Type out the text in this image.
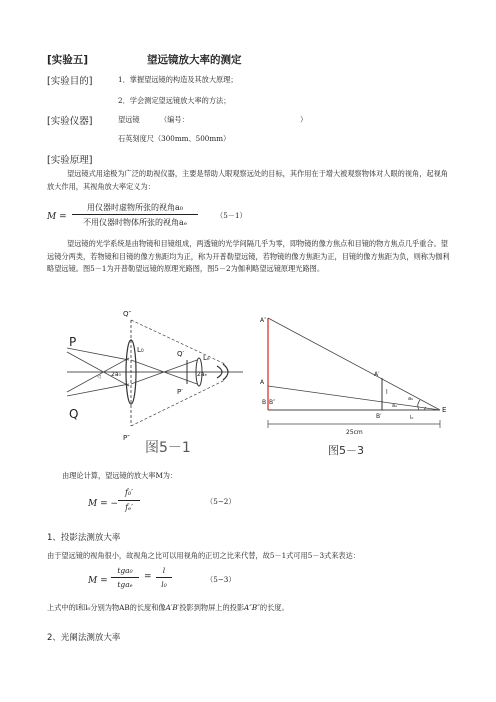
[实验五]	望远镜放大率的测定
[实验目的]	1．掌握望远镜的构造及其放大原理；
2．学会测定望远镜放大率的方法；
[实验仪器]	望远镜	（编号：	）
石英刻度尺（300mm、500mm）
[实验原理]
望远镜式用途极为广泛的助视仪器，主要是帮助人眼观察远处的目标，其作用在于增大被观察物体对人眼的视角，起视角放大作用，其视角放大率定义为：
M =
用仪器时虚物所张的视角a₀
不用仪器时物体所张的视角aₑ
（5－1）
望远镜的光学系统是由物镜和目镜组成，两透镜的光学间隔几乎为零，即物镜的像方焦点和目镜的物方焦点几乎重合。望远镜分两类，若物镜和目镜的像方焦距均为正，称为开普勒望远镜，若物镜的像方焦距为正，目镜的像方焦距为负，则称为伽利略望远镜。图5－1为开普勒望远镜的原理光路图，图5－2为伽利略望远镜原理光路图。
◁
Q″
P
Q
P″
L₀	Q′
P′
Lₑ
2a₀	2aₑ
图5－1
A″
A
A′
B B″
B′
E
a₀
aₑ
l
l₀
25cm
图5－3
由理论计算，望远镜的放大率M为：
M = −
f₀′
fₑ′
（5−2）
1、投影法测放大率
由于望远镜的视角很小，故视角之比可以用视角的正切之比来代替，故5－1式可用5－3式来表达：
M =
tga₀
tgaₑ
=
l
l₀
（5−3）
上式中的l和l₀分别为物AB的长度和像A′B′投影到物屏上的投影A″B″的长度。
2、光阑法测放大率
